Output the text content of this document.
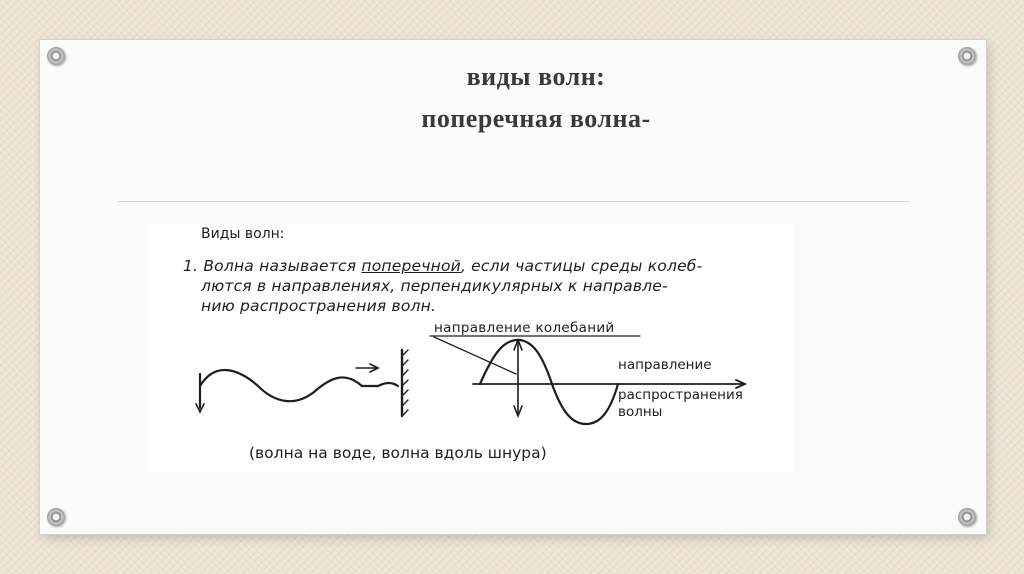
виды волн:
поперечная волна-
Виды волн:
1. Волна называется поперечной, если частицы среды колеб-
лются в направлениях, перпендикулярных к направле-
нию распространения волн.
направление колебаний
направление
распространения
волны
(волна на воде, волна вдоль шнура)
